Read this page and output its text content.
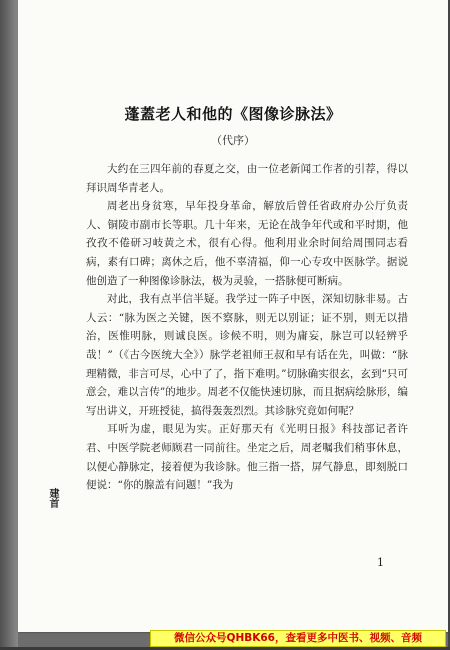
蓬蓋老人和他的《图像诊脉法》
（代序）

大约在三四年前的春夏之交，由一位老新闻工作者的引荐，得以拜识周华青老人。

周老出身贫寒，早年投身革命，解放后曾任省政府办公厅负责人、铜陵市副市长等职。几十年来，无论在战争年代或和平时期，他孜孜不倦研习岐黄之术，很有心得。他利用业余时间给周围同志看病，素有口碑；离休之后，他不辜清福，仰一心专攻中医脉学。据说他创造了一种图像诊脉法，极为灵验，一搭脉便可断病。

对此，我有点半信半疑。我学过一阵子中医，深知切脉非易。古人云：“脉为医之关键，医不察脉，则无以别证；证不别，则无以措治，医惟明脉，则诚良医。诊候不明，则为庸妄，脉岂可以轻辨乎哉！”（《古今医统大全》）脉学老祖师王叔和早有话在先，叫做：“脉理精微，非言可尽，心中了了，指下难明。”切脉确实很玄，玄到“只可意会，难以言传”的地步。周老不仅能快速切脉，而且据病绘脉形，编写出讲义，开班授徒，搞得轰轰烈烈。其诊脉究竟如何呢？

耳听为虚，眼见为实。正好那天有《光明日报》科技部记者许君、中医学院老师顾君一同前往。坐定之后，周老嘱我们稍事休息，以便心静脉定，接着便为我诊脉。他三指一搭，屏气静息，即刻脱口便说：“你的腺盖有问题！”我为

建首
1
微信公众号QHBK66，查看更多中医书、视频、音频
